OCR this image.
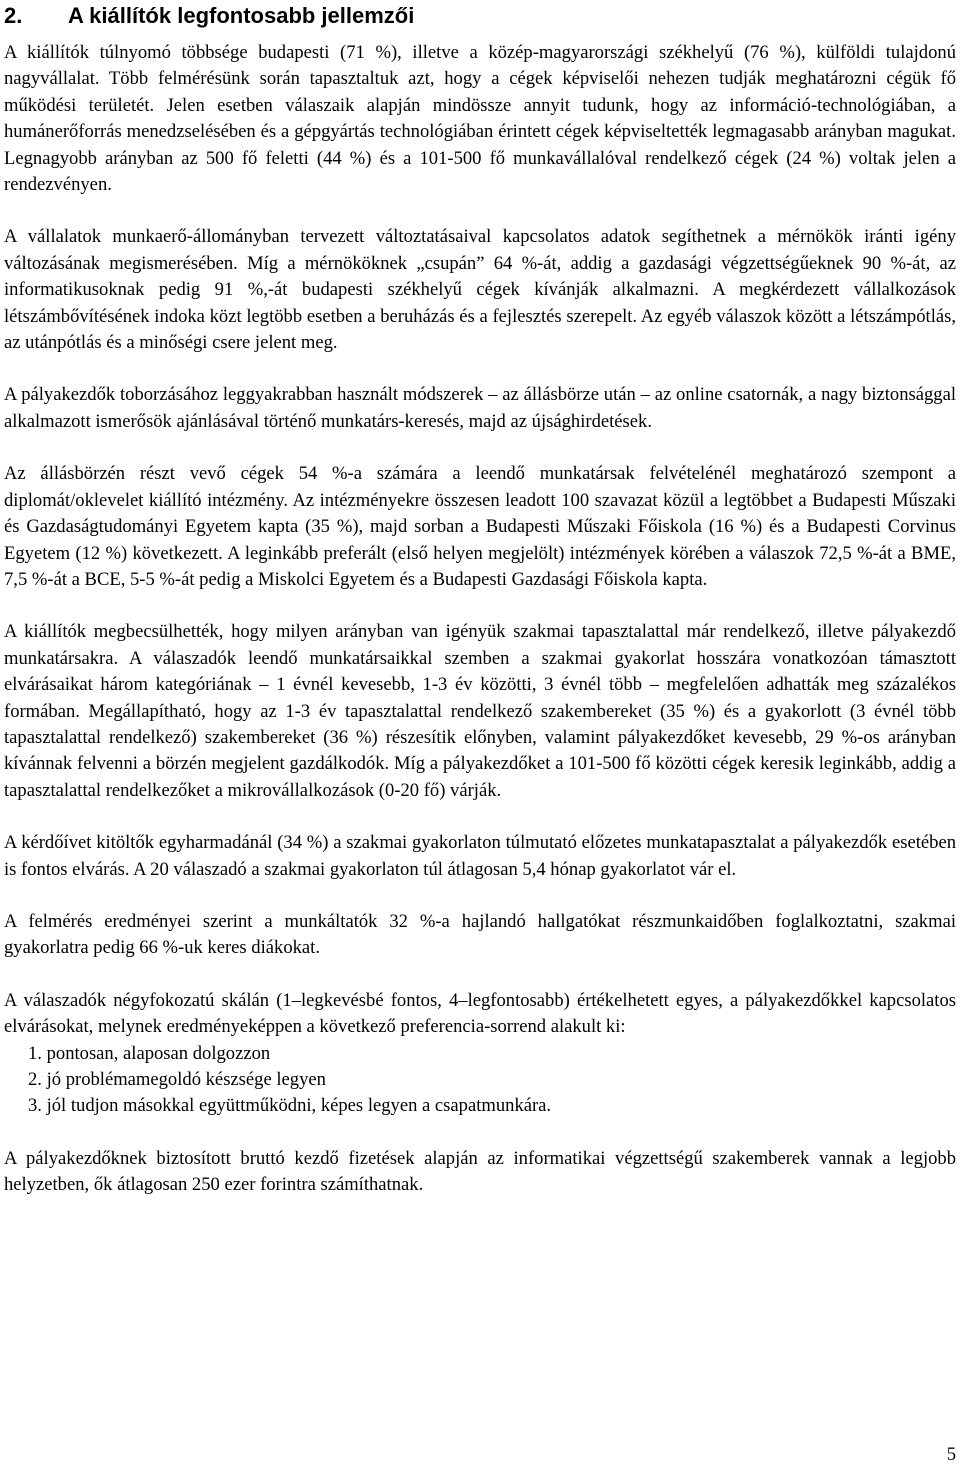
2. A kiállítók legfontosabb jellemzői

A kiállítók túlnyomó többsége budapesti (71 %), illetve a közép-magyarországi székhelyű (76 %), külföldi tulajdonú nagyvállalat. Több felmérésünk során tapasztaltuk azt, hogy a cégek képviselői nehezen tudják meghatározni cégük fő működési területét. Jelen esetben válaszaik alapján mindössze annyit tudunk, hogy az információ-technológiában, a humánerőforrás menedzselésében és a gépgyártás technológiában érintett cégek képviseltették legmagasabb arányban magukat. Legnagyobb arányban az 500 fő feletti (44 %) és a 101-500 fő munkavállalóval rendelkező cégek (24 %) voltak jelen a rendezvényen.

A vállalatok munkaerő-állományban tervezett változtatásaival kapcsolatos adatok segíthetnek a mérnökök iránti igény változásának megismerésében. Míg a mérnököknek „csupán” 64 %-át, addig a gazdasági végzettségűeknek 90 %-át, az informatikusoknak pedig 91 %,-át budapesti székhelyű cégek kívánják alkalmazni. A megkérdezett vállalkozások létszámbővítésének indoka közt legtöbb esetben a beruházás és a fejlesztés szerepelt. Az egyéb válaszok között a létszámpótlás, az utánpótlás és a minőségi csere jelent meg.

A pályakezdők toborzásához leggyakrabban használt módszerek – az állásbörze után – az online csatornák, a nagy biztonsággal alkalmazott ismerősök ajánlásával történő munkatárs-keresés, majd az újsághirdetések.

Az állásbörzén részt vevő cégek 54 %-a számára a leendő munkatársak felvételénél meghatározó szempont a diplomát/oklevelet kiállító intézmény. Az intézményekre összesen leadott 100 szavazat közül a legtöbbet a Budapesti Műszaki és Gazdaságtudományi Egyetem kapta (35 %), majd sorban a Budapesti Műszaki Főiskola (16 %) és a Budapesti Corvinus Egyetem (12 %) következett. A leginkább preferált (első helyen megjelölt) intézmények körében a válaszok 72,5 %-át a BME, 7,5 %-át a BCE, 5-5 %-át pedig a Miskolci Egyetem és a Budapesti Gazdasági Főiskola kapta.

A kiállítók megbecsülhették, hogy milyen arányban van igényük szakmai tapasztalattal már rendelkező, illetve pályakezdő munkatársakra. A válaszadók leendő munkatársaikkal szemben a szakmai gyakorlat hosszára vonatkozóan támasztott elvárásaikat három kategóriának – 1 évnél kevesebb, 1-3 év közötti, 3 évnél több – megfelelően adhatták meg százalékos formában. Megállapítható, hogy az 1-3 év tapasztalattal rendelkező szakembereket (35 %) és a gyakorlott (3 évnél több tapasztalattal rendelkező) szakembereket (36 %) részesítik előnyben, valamint pályakezdőket kevesebb, 29 %-os arányban kívánnak felvenni a börzén megjelent gazdálkodók. Míg a pályakezdőket a 101-500 fő közötti cégek keresik leginkább, addig a tapasztalattal rendelkezőket a mikrovállalkozások (0-20 fő) várják.

A kérdőívet kitöltők egyharmadánál (34 %) a szakmai gyakorlaton túlmutató előzetes munkatapasztalat a pályakezdők esetében is fontos elvárás. A 20 válaszadó a szakmai gyakorlaton túl átlagosan 5,4 hónap gyakorlatot vár el.

A felmérés eredményei szerint a munkáltatók 32 %-a hajlandó hallgatókat részmunkaidőben foglalkoztatni, szakmai gyakorlatra pedig 66 %-uk keres diákokat.

A válaszadók négyfokozatú skálán (1–legkevésbé fontos, 4–legfontosabb) értékelhetett egyes, a pályakezdőkkel kapcsolatos elvárásokat, melynek eredményeképpen a következő preferencia-sorrend alakult ki:

1. pontosan, alaposan dolgozzon
2. jó problémamegoldó készsége legyen
3. jól tudjon másokkal együttműködni, képes legyen a csapatmunkára.

A pályakezdőknek biztosított bruttó kezdő fizetések alapján az informatikai végzettségű szakemberek vannak a legjobb helyzetben, ők átlagosan 250 ezer forintra számíthatnak.

5
